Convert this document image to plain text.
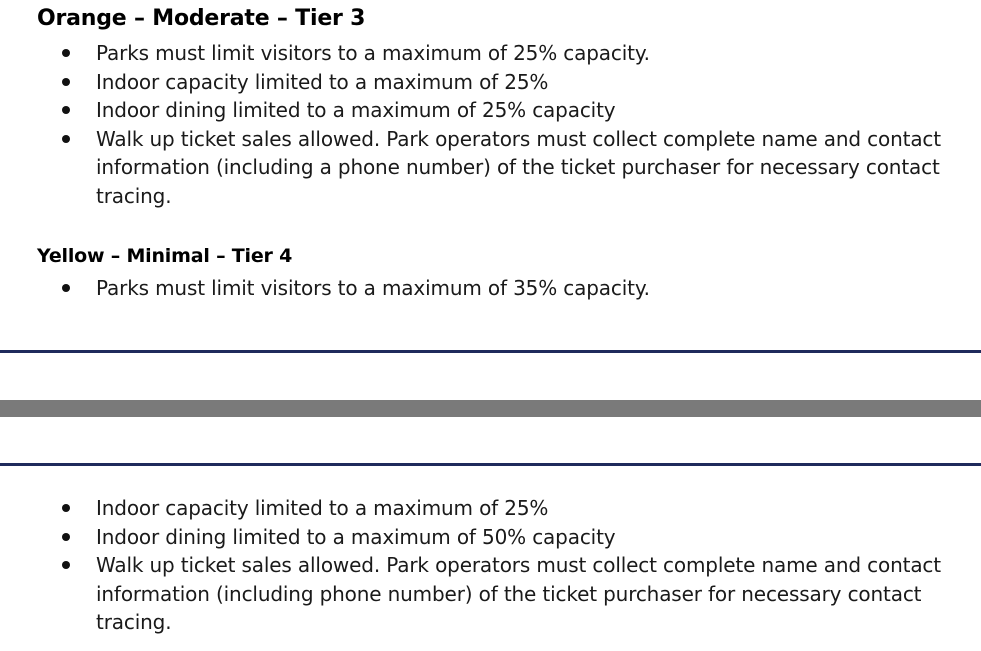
Orange – Moderate – Tier 3
Parks must limit visitors to a maximum of 25% capacity.
Indoor capacity limited to a maximum of 25%
Indoor dining limited to a maximum of 25% capacity
Walk up ticket sales allowed. Park operators must collect complete name and contact information (including a phone number) of the ticket purchaser for necessary contact tracing.
Yellow – Minimal – Tier 4
Parks must limit visitors to a maximum of 35% capacity.
Indoor capacity limited to a maximum of 25%
Indoor dining limited to a maximum of 50% capacity
Walk up ticket sales allowed. Park operators must collect complete name and contact information (including phone number) of the ticket purchaser for necessary contact tracing.
